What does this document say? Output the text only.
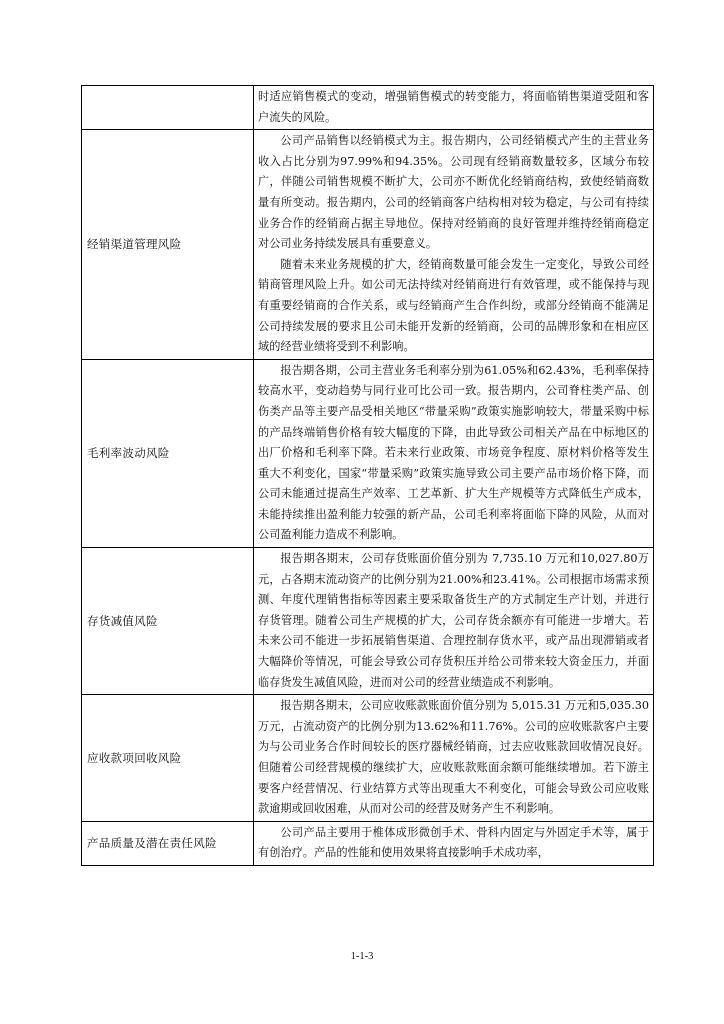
	时适应销售模式的变动，增强销售模式的转变能力，将面临销售渠道受阻和客户流失的风险。

经销渠道管理风险	公司产品销售以经销模式为主。报告期内，公司经销模式产生的主营业务收入占比分别为97.99%和94.35%。公司现有经销商数量较多，区域分布较广，伴随公司销售规模不断扩大，公司亦不断优化经销商结构，致使经销商数量有所变动。报告期内，公司的经销商客户结构相对较为稳定，与公司有持续业务合作的经销商占据主导地位。保持对经销商的良好管理并维持经销商稳定对公司业务持续发展具有重要意义。

随着未来业务规模的扩大，经销商数量可能会发生一定变化，导致公司经销商管理风险上升。如公司无法持续对经销商进行有效管理，或不能保持与现有重要经销商的合作关系，或与经销商产生合作纠纷，或部分经销商不能满足公司持续发展的要求且公司未能开发新的经销商，公司的品牌形象和在相应区域的经营业绩将受到不利影响。

毛利率波动风险	报告期各期，公司主营业务毛利率分别为61.05%和62.43%，毛利率保持较高水平，变动趋势与同行业可比公司一致。报告期内，公司脊柱类产品、创伤类产品等主要产品受相关地区“带量采购”政策实施影响较大，带量采购中标的产品终端销售价格有较大幅度的下降，由此导致公司相关产品在中标地区的出厂价格和毛利率下降。若未来行业政策、市场竞争程度、原材料价格等发生重大不利变化，国家“带量采购”政策实施导致公司主要产品市场价格下降，而公司未能通过提高生产效率、工艺革新、扩大生产规模等方式降低生产成本，未能持续推出盈利能力较强的新产品，公司毛利率将面临下降的风险，从而对公司盈利能力造成不利影响。

存货减值风险	报告期各期末，公司存货账面价值分别为 7,735.10 万元和10,027.80万元，占各期末流动资产的比例分别为21.00%和23.41%。公司根据市场需求预测、年度代理销售指标等因素主要采取备货生产的方式制定生产计划，并进行存货管理。随着公司生产规模的扩大，公司存货余额亦有可能进一步增大。若未来公司不能进一步拓展销售渠道、合理控制存货水平，或产品出现滞销或者大幅降价等情况，可能会导致公司存货积压并给公司带来较大资金压力，并面临存货发生减值风险，进而对公司的经营业绩造成不利影响。

应收款项回收风险	报告期各期末，公司应收账款账面价值分别为 5,015.31 万元和5,035.30万元，占流动资产的比例分别为13.62%和11.76%。公司的应收账款客户主要为与公司业务合作时间较长的医疗器械经销商，过去应收账款回收情况良好。但随着公司经营规模的继续扩大，应收账款账面余额可能继续增加。若下游主要客户经营情况、行业结算方式等出现重大不利变化，可能会导致公司应收账款逾期或回收困难，从而对公司的经营及财务产生不利影响。

产品质量及潜在责任风险	公司产品主要用于椎体成形微创手术、骨科内固定与外固定手术等，属于有创治疗。产品的性能和使用效果将直接影响手术成功率，

1-1-3
